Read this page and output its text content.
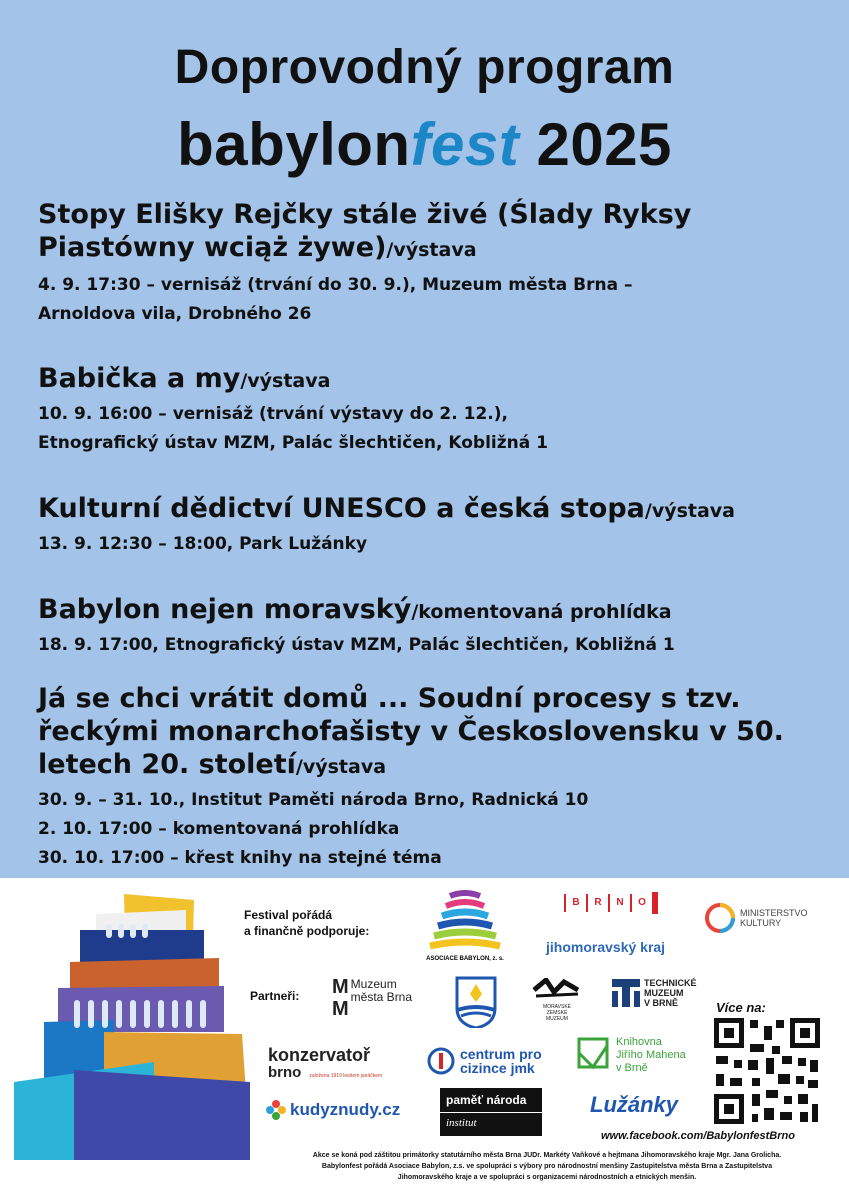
Doprovodný program
babylonfest 2025
Stopy Elišky Rejčky stále živé (Ślady Ryksy Piastówny wciąż żywe)/výstava
4. 9. 17:30 – vernisáž (trvání do 30. 9.), Muzeum města Brna –
Arnoldova vila, Drobného 26
Babička a my/výstava
10. 9. 16:00 – vernisáž (trvání výstavy do 2. 12.),
Etnografický ústav MZM, Palác šlechtičen, Kobližná 1
Kulturní dědictví UNESCO a česká stopa/výstava
13. 9. 12:30 – 18:00, Park Lužánky
Babylon nejen moravský/komentovaná prohlídka
18. 9. 17:00, Etnografický ústav MZM, Palác šlechtičen, Kobližná 1
Já se chci vrátit domů ... Soudní procesy s tzv. řeckými monarchofašisty v Československu v 50. letech 20. století/výstava
30. 9. – 31. 10., Institut Paměti národa Brno, Radnická 10
2. 10. 17:00 – komentovaná prohlídka
30. 10. 17:00 – křest knihy na stejné téma
Festival pořádá
a finančně podporuje:
ASOCIACE BABYLON, z. s.
B	R	N	O
jihomoravský kraj
MINISTERSTVO
KULTURY
Partneři: M
M
Muzeum
města Brna
MORAVSKÉ
ZEMSKÉ
MUZEUM
TECHNICKÉ
MUZEUM
V BRNĚ	Více na:
konzervatoř
brno založena 1919 leošem janáčkem
centrum pro
cizince jmk
Knihovna
Jiřího Mahena
v Brně
kudyznudy.cz	paměť národa
institut
Lužánky
www.facebook.com/BabylonfestBrno
Akce se koná pod záštitou primátorky statutárního města Brna JUDr. Markéty Vaňkové a hejtmana Jihomoravského kraje Mgr. Jana Grolicha.
Babylonfest pořádá Asociace Babylon, z.s. ve spolupráci s výbory pro národnostní menšiny Zastupitelstva města Brna a Zastupitelstva
Jihomoravského kraje a ve spolupráci s organizacemi národnostních a etnických menšin.
